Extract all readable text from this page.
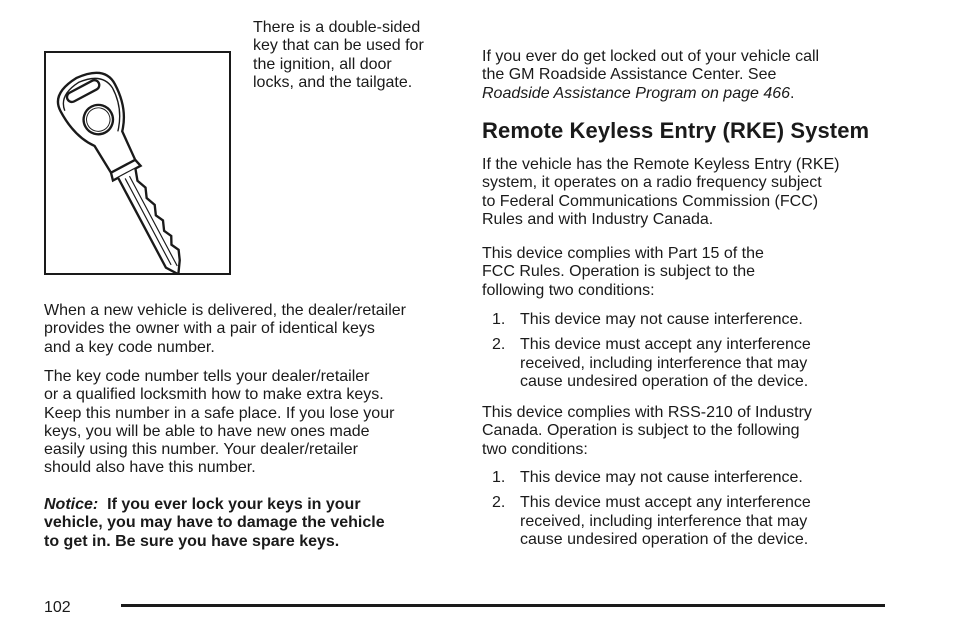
There is a double-sided
key that can be used for
the ignition, all door
locks, and the tailgate.

When a new vehicle is delivered, the dealer/retailer
provides the owner with a pair of identical keys
and a key code number.

The key code number tells your dealer/retailer
or a qualified locksmith how to make extra keys.
Keep this number in a safe place. If you lose your
keys, you will be able to have new ones made
easily using this number. Your dealer/retailer
should also have this number.

Notice: If you ever lock your keys in your
vehicle, you may have to damage the vehicle
to get in. Be sure you have spare keys.

If you ever do get locked out of your vehicle call
the GM Roadside Assistance Center. See
Roadside Assistance Program on page 466.

Remote Keyless Entry (RKE) System

If the vehicle has the Remote Keyless Entry (RKE)
system, it operates on a radio frequency subject
to Federal Communications Commission (FCC)
Rules and with Industry Canada.

This device complies with Part 15 of the
FCC Rules. Operation is subject to the
following two conditions:

1. This device may not cause interference.
2. This device must accept any interference
received, including interference that may
cause undesired operation of the device.

This device complies with RSS-210 of Industry
Canada. Operation is subject to the following
two conditions:

1. This device may not cause interference.
2. This device must accept any interference
received, including interference that may
cause undesired operation of the device.
102
